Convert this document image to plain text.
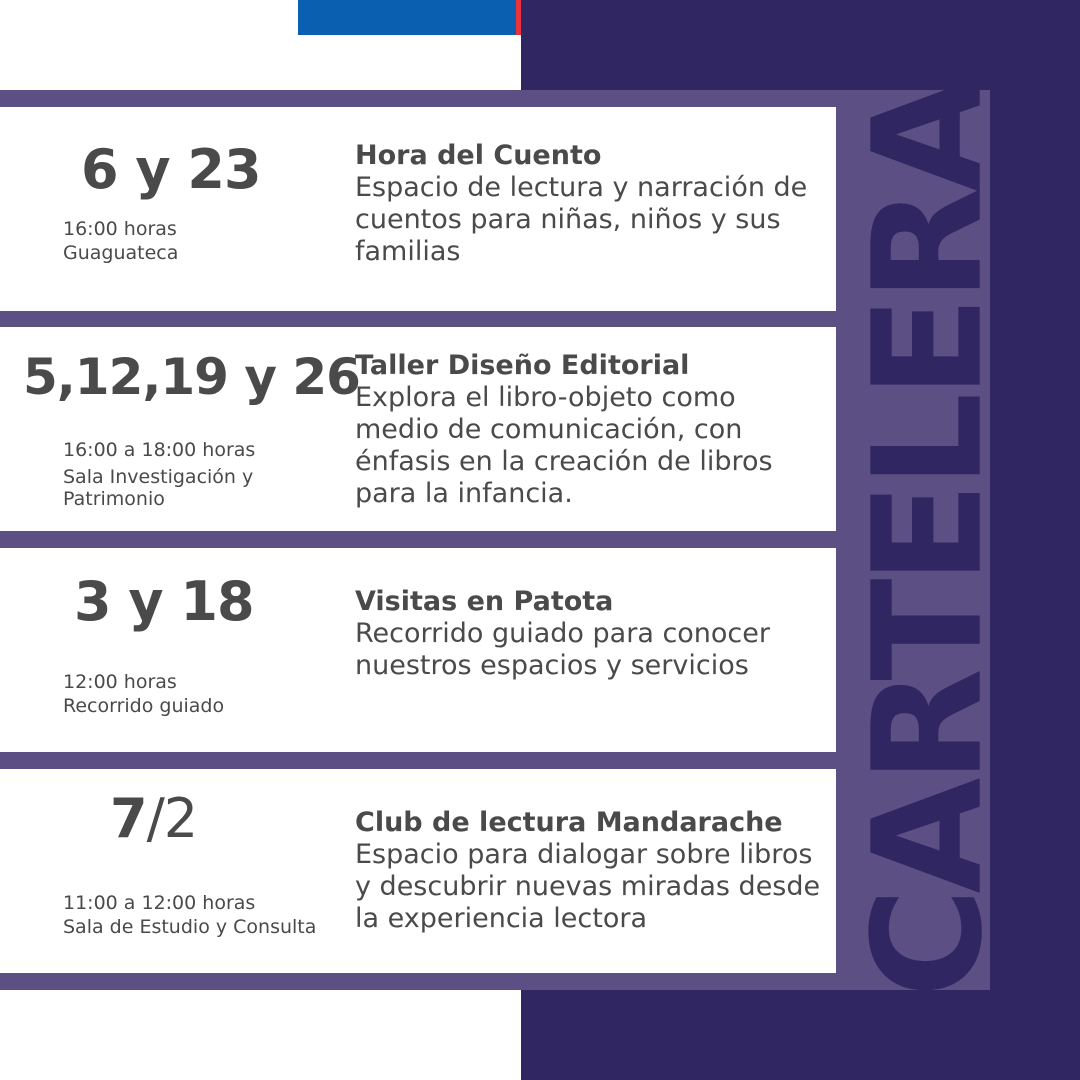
CARTELERA
6 y 23
16:00 horas
Guaguateca
Hora del Cuento
Espacio de lectura y narración de cuentos para niñas, niños y sus familias
5,12,19 y 26
16:00 a 18:00 horas
Sala Investigación y
Patrimonio
Taller Diseño Editorial
Explora el libro-objeto como medio de comunicación, con énfasis en la creación de libros para la infancia.
3 y 18
12:00 horas
Recorrido guiado
Visitas en Patota
Recorrido guiado para conocer nuestros espacios y servicios
7/2
11:00 a 12:00 horas
Sala de Estudio y Consulta
Club de lectura Mandarache
Espacio para dialogar sobre libros y descubrir nuevas miradas desde la experiencia lectora
